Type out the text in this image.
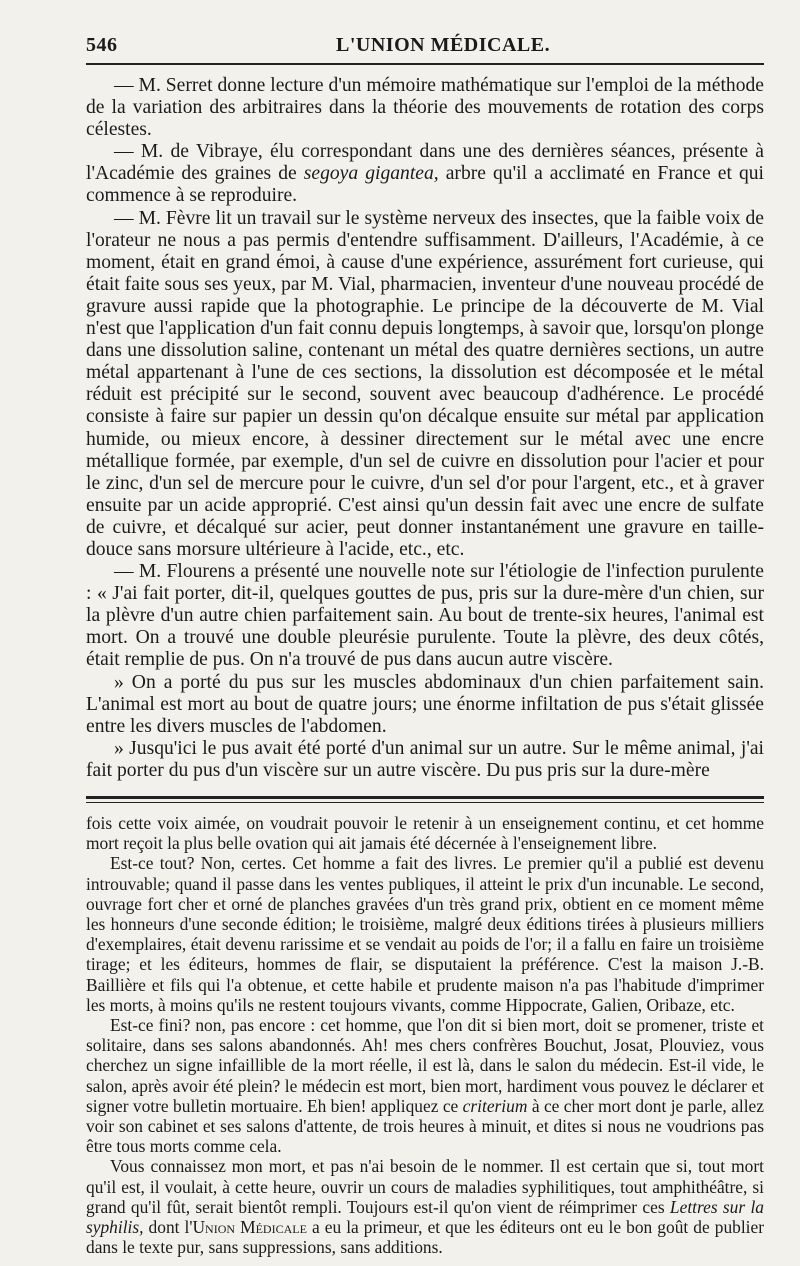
546	L'UNION MÉDICALE.

— M. Serret donne lecture d'un mémoire mathématique sur l'emploi de la méthode de la variation des arbitraires dans la théorie des mouvements de rotation des corps célestes.

— M. de Vibraye, élu correspondant dans une des dernières séances, présente à l'Académie des graines de segoya gigantea, arbre qu'il a acclimaté en France et qui commence à se reproduire.

— M. Fèvre lit un travail sur le système nerveux des insectes, que la faible voix de l'orateur ne nous a pas permis d'entendre suffisamment. D'ailleurs, l'Académie, à ce moment, était en grand émoi, à cause d'une expérience, assurément fort curieuse, qui était faite sous ses yeux, par M. Vial, pharmacien, inventeur d'une nouveau procédé de gravure aussi rapide que la photographie. Le principe de la découverte de M. Vial n'est que l'application d'un fait connu depuis longtemps, à savoir que, lorsqu'on plonge dans une dissolution saline, contenant un métal des quatre dernières sections, un autre métal appartenant à l'une de ces sections, la dissolution est décomposée et le métal réduit est précipité sur le second, souvent avec beaucoup d'adhérence. Le procédé consiste à faire sur papier un dessin qu'on décalque ensuite sur métal par application humide, ou mieux encore, à dessiner directement sur le métal avec une encre métallique formée, par exemple, d'un sel de cuivre en dissolution pour l'acier et pour le zinc, d'un sel de mercure pour le cuivre, d'un sel d'or pour l'argent, etc., et à graver ensuite par un acide approprié. C'est ainsi qu'un dessin fait avec une encre de sulfate de cuivre, et décalqué sur acier, peut donner instantanément une gravure en taille-douce sans morsure ultérieure à l'acide, etc., etc.

— M. Flourens a présenté une nouvelle note sur l'étiologie de l'infection purulente : « J'ai fait porter, dit-il, quelques gouttes de pus, pris sur la dure-mère d'un chien, sur la plèvre d'un autre chien parfaitement sain. Au bout de trente-six heures, l'animal est mort. On a trouvé une double pleurésie purulente. Toute la plèvre, des deux côtés, était remplie de pus. On n'a trouvé de pus dans aucun autre viscère.

» On a porté du pus sur les muscles abdominaux d'un chien parfaitement sain. L'animal est mort au bout de quatre jours; une énorme infiltation de pus s'était glissée entre les divers muscles de l'abdomen.

» Jusqu'ici le pus avait été porté d'un animal sur un autre. Sur le même animal, j'ai fait porter du pus d'un viscère sur un autre viscère. Du pus pris sur la dure-mère

fois cette voix aimée, on voudrait pouvoir le retenir à un enseignement continu, et cet homme mort reçoit la plus belle ovation qui ait jamais été décernée à l'enseignement libre.

Est-ce tout? Non, certes. Cet homme a fait des livres. Le premier qu'il a publié est devenu introuvable; quand il passe dans les ventes publiques, il atteint le prix d'un incunable. Le second, ouvrage fort cher et orné de planches gravées d'un très grand prix, obtient en ce moment même les honneurs d'une seconde édition; le troisième, malgré deux éditions tirées à plusieurs milliers d'exemplaires, était devenu rarissime et se vendait au poids de l'or; il a fallu en faire un troisième tirage; et les éditeurs, hommes de flair, se disputaient la préférence. C'est la maison J.-B. Baillière et fils qui l'a obtenue, et cette habile et prudente maison n'a pas l'habitude d'imprimer les morts, à moins qu'ils ne restent toujours vivants, comme Hippocrate, Galien, Oribaze, etc.

Est-ce fini? non, pas encore : cet homme, que l'on dit si bien mort, doit se promener, triste et solitaire, dans ses salons abandonnés. Ah! mes chers confrères Bouchut, Josat, Plouviez, vous cherchez un signe infaillible de la mort réelle, il est là, dans le salon du médecin. Est-il vide, le salon, après avoir été plein? le médecin est mort, bien mort, hardiment vous pouvez le déclarer et signer votre bulletin mortuaire. Eh bien! appliquez ce criterium à ce cher mort dont je parle, allez voir son cabinet et ses salons d'attente, de trois heures à minuit, et dites si nous ne voudrions pas être tous morts comme cela.

Vous connaissez mon mort, et pas n'ai besoin de le nommer. Il est certain que si, tout mort qu'il est, il voulait, à cette heure, ouvrir un cours de maladies syphilitiques, tout amphithéâtre, si grand qu'il fût, serait bientôt rempli. Toujours est-il qu'on vient de réimprimer ces Lettres sur la syphilis, dont l'Union Médicale a eu la primeur, et que les éditeurs ont eu le bon goût de publier dans le texte pur, sans suppressions, sans additions.
